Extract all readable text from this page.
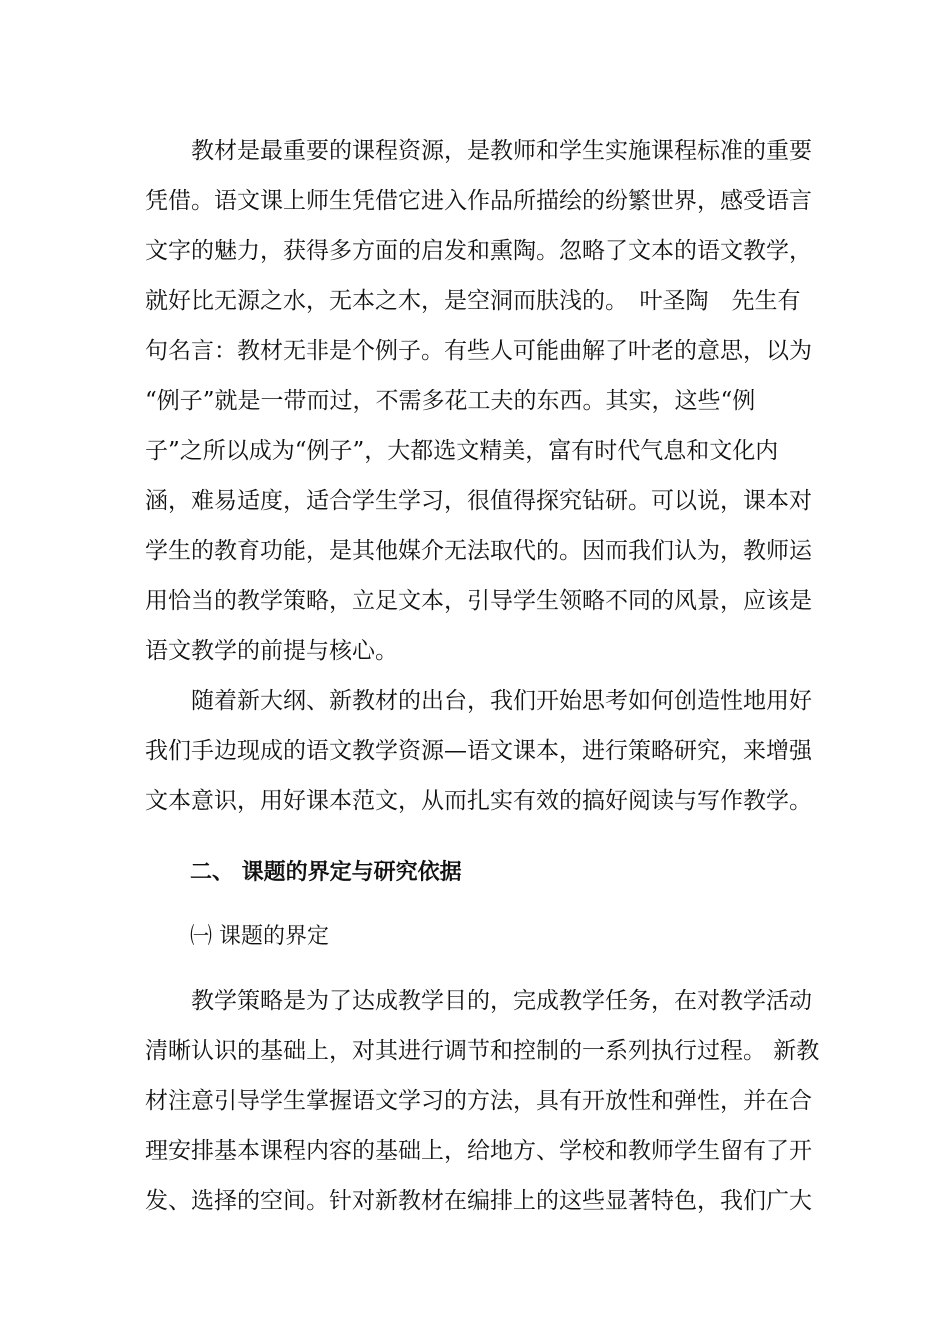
　　教材是最重要的课程资源，是教师和学生实施课程标准的重要
凭借。语文课上师生凭借它进入作品所描绘的纷繁世界，感受语言
文字的魅力，获得多方面的启发和熏陶。忽略了文本的语文教学，
就好比无源之水，无本之木，是空洞而肤浅的。　叶圣陶　先生有
句名言：教材无非是个例子。有些人可能曲解了叶老的意思，以为
“例子”就是一带而过，不需多花工夫的东西。其实，这些“例
子”之所以成为“例子”，大都选文精美，富有时代气息和文化内
涵，难易适度，适合学生学习，很值得探究钻研。可以说，课本对
学生的教育功能，是其他媒介无法取代的。因而我们认为，教师运
用恰当的教学策略，立足文本，引导学生领略不同的风景，应该是
语文教学的前提与核心。
　　随着新大纲、新教材的出台，我们开始思考如何创造性地用好
我们手边现成的语文教学资源—语文课本，进行策略研究，来增强
文本意识，用好课本范文，从而扎实有效的搞好阅读与写作教学。
二、 课题的界定与研究依据
㈠ 课题的界定
　　教学策略是为了达成教学目的，完成教学任务，在对教学活动
清晰认识的基础上，对其进行调节和控制的一系列执行过程。 新教
材注意引导学生掌握语文学习的方法，具有开放性和弹性，并在合
理安排基本课程内容的基础上，给地方、学校和教师学生留有了开
发、选择的空间。针对新教材在编排上的这些显著特色，我们广大
